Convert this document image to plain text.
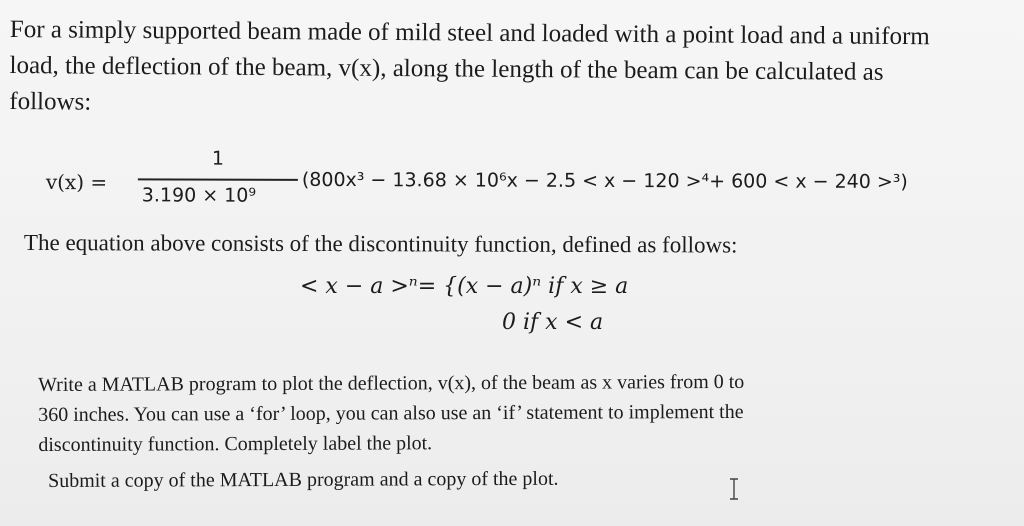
For a simply supported beam made of mild steel and loaded with a point load and a uniform
load, the deflection of the beam, v(x), along the length of the beam can be calculated as
follows:
v(x) =
1
3.190 × 10⁹
(800x³ − 13.68 × 10⁶x − 2.5 < x − 120 >⁴+ 600 < x − 240 >³)
The equation above consists of the discontinuity function, defined as follows:
< x − a >ⁿ= {(x − a)ⁿ if x ≥ a
0 if x < a
Write a MATLAB program to plot the deflection, v(x), of the beam as x varies from 0 to
360 inches. You can use a ‘for’ loop, you can also use an ‘if’ statement to implement the
discontinuity function. Completely label the plot.
Submit a copy of the MATLAB program and a copy of the plot.
